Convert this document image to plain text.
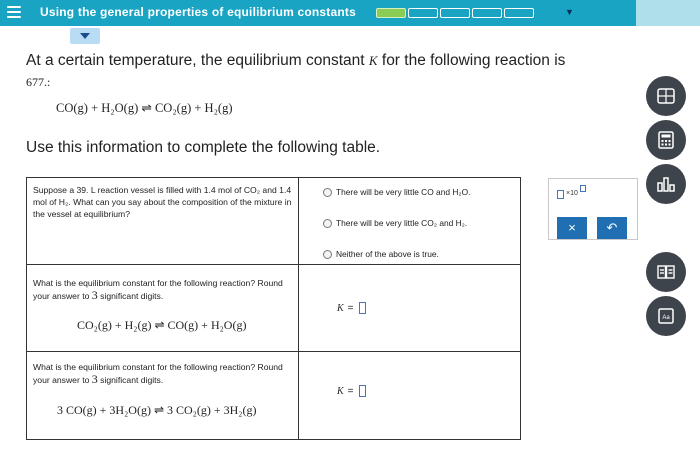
Using the general properties of equilibrium constants	▼
At a certain temperature, the equilibrium constant K for the following reaction is
677.:
CO(g) + H₂O(g) ⇌ CO₂(g) + H₂(g)
Use this information to complete the following table.
Suppose a 39. L reaction vessel is filled with 1.4 mol of CO₂ and 1.4 mol of H₂. What can you say about the composition of the mixture in the vessel at equilibrium?
There will be very little CO and H₂O.
There will be very little CO₂ and H₂.
Neither of the above is true.
What is the equilibrium constant for the following reaction? Round your answer to 3 significant digits.
CO₂(g) + H₂(g) ⇌ CO(g) + H₂O(g)
K =
What is the equilibrium constant for the following reaction? Round your answer to 3 significant digits.
3 CO(g) + 3H₂O(g) ⇌ 3 CO₂(g) + 3H₂(g)
K =
×10
×	↶
Aa
